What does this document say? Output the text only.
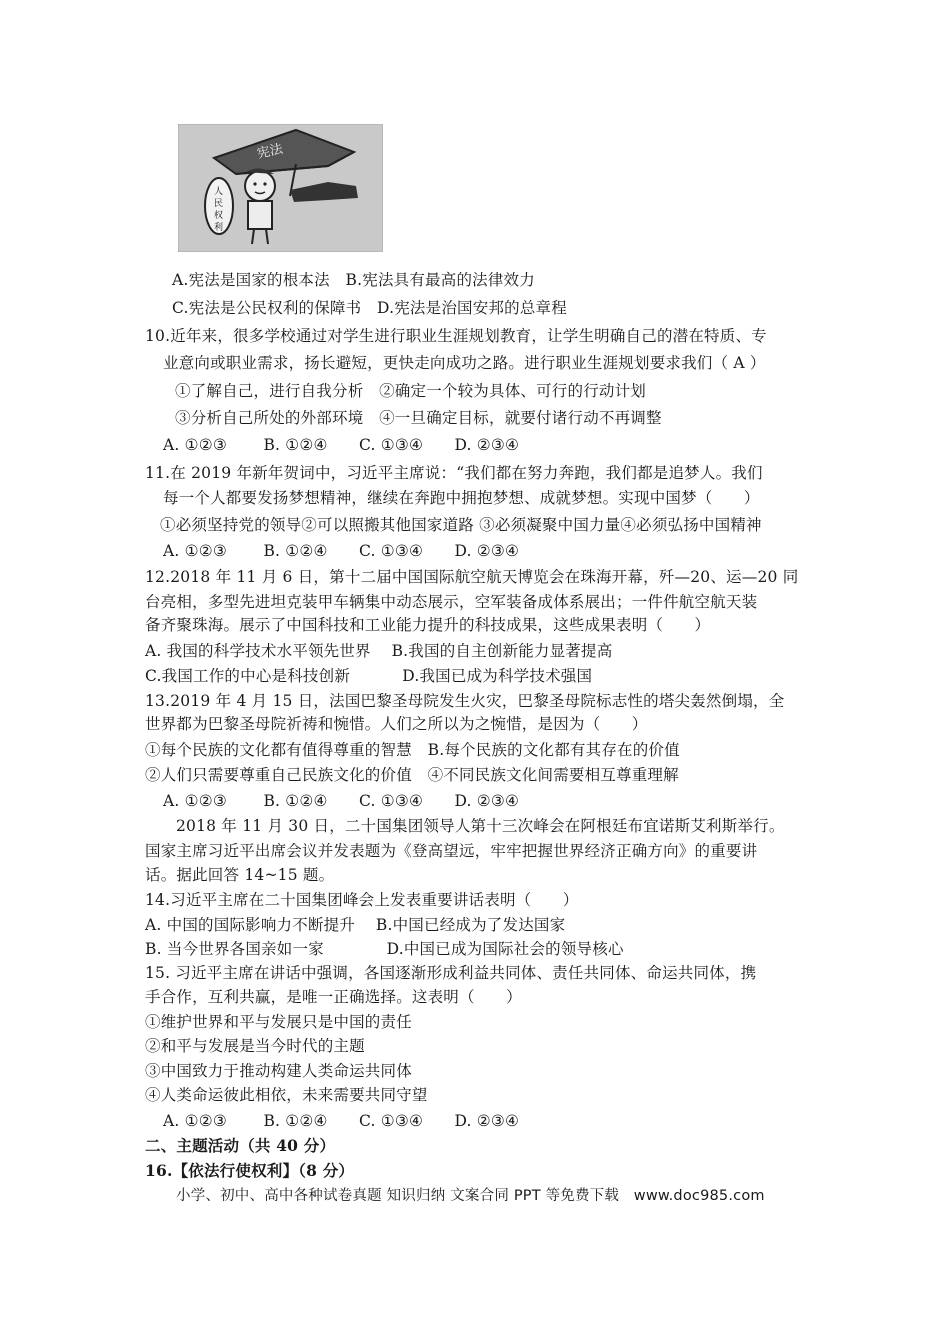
宪法
人
民
权
利
A.宪法是国家的根本法　B.宪法具有最高的法律效力
C.宪法是公民权利的保障书　D.宪法是治国安邦的总章程
10.近年来，很多学校通过对学生进行职业生涯规划教育，让学生明确自己的潜在特质、专
业意向或职业需求，扬长避短，更快走向成功之路。进行职业生涯规划要求我们（ A ）
①了解自己，进行自我分析　②确定一个较为具体、可行的行动计划
③分析自己所处的外部环境　④一旦确定目标，就要付诸行动不再调整
A. ①②③　　 B. ①②④　　C. ①③④　　D. ②③④
11.在 2019 年新年贺词中，习近平主席说：“我们都在努力奔跑，我们都是追梦人。我们
每一个人都要发扬梦想精神，继续在奔跑中拥抱梦想、成就梦想。实现中国梦（　　）
①必须坚持党的领导②可以照搬其他国家道路 ③必须凝聚中国力量④必须弘扬中国精神
A. ①②③　　 B. ①②④　　C. ①③④　　D. ②③④
12.2018 年 11 月 6 日，第十二届中国国际航空航天博览会在珠海开幕，歼—20、运—20 同
台亮相，多型先进坦克装甲车辆集中动态展示，空军装备成体系展出；一件件航空航天装
备齐聚珠海。展示了中国科技和工业能力提升的科技成果，这些成果表明（　　）
A. 我国的科学技术水平领先世界　 B.我国的自主创新能力显著提高
C.我国工作的中心是科技创新　　　 D.我国已成为科学技术强国
13.2019 年 4 月 15 日，法国巴黎圣母院发生火灾，巴黎圣母院标志性的塔尖轰然倒塌，全
世界都为巴黎圣母院祈祷和惋惜。人们之所以为之惋惜，是因为（　　）
①每个民族的文化都有值得尊重的智慧　B.每个民族的文化都有其存在的价值
②人们只需要尊重自己民族文化的价值　④不同民族文化间需要相互尊重理解
A. ①②③　　 B. ①②④　　C. ①③④　　D. ②③④
2018 年 11 月 30 日，二十国集团领导人第十三次峰会在阿根廷布宜诺斯艾利斯举行。
国家主席习近平出席会议并发表题为《登高望远，牢牢把握世界经济正确方向》的重要讲
话。据此回答 14~15 题。
14.习近平主席在二十国集团峰会上发表重要讲话表明（　　）
A. 中国的国际影响力不断提升　 B.中国已经成为了发达国家
B. 当今世界各国亲如一家　　　　D.中国已成为国际社会的领导核心
15. 习近平主席在讲话中强调，各国逐渐形成利益共同体、责任共同体、命运共同体，携
手合作，互利共赢，是唯一正确选择。这表明（　　）
①维护世界和平与发展只是中国的责任
②和平与发展是当今时代的主题
③中国致力于推动构建人类命运共同体
④人类命运彼此相依，未来需要共同守望
A. ①②③　　 B. ①②④　　C. ①③④　　D. ②③④
二、主题活动（共 40 分）
16.【依法行使权利】（8 分）
小学、初中、高中各种试卷真题 知识归纳 文案合同 PPT 等免费下载　www.doc985.com
